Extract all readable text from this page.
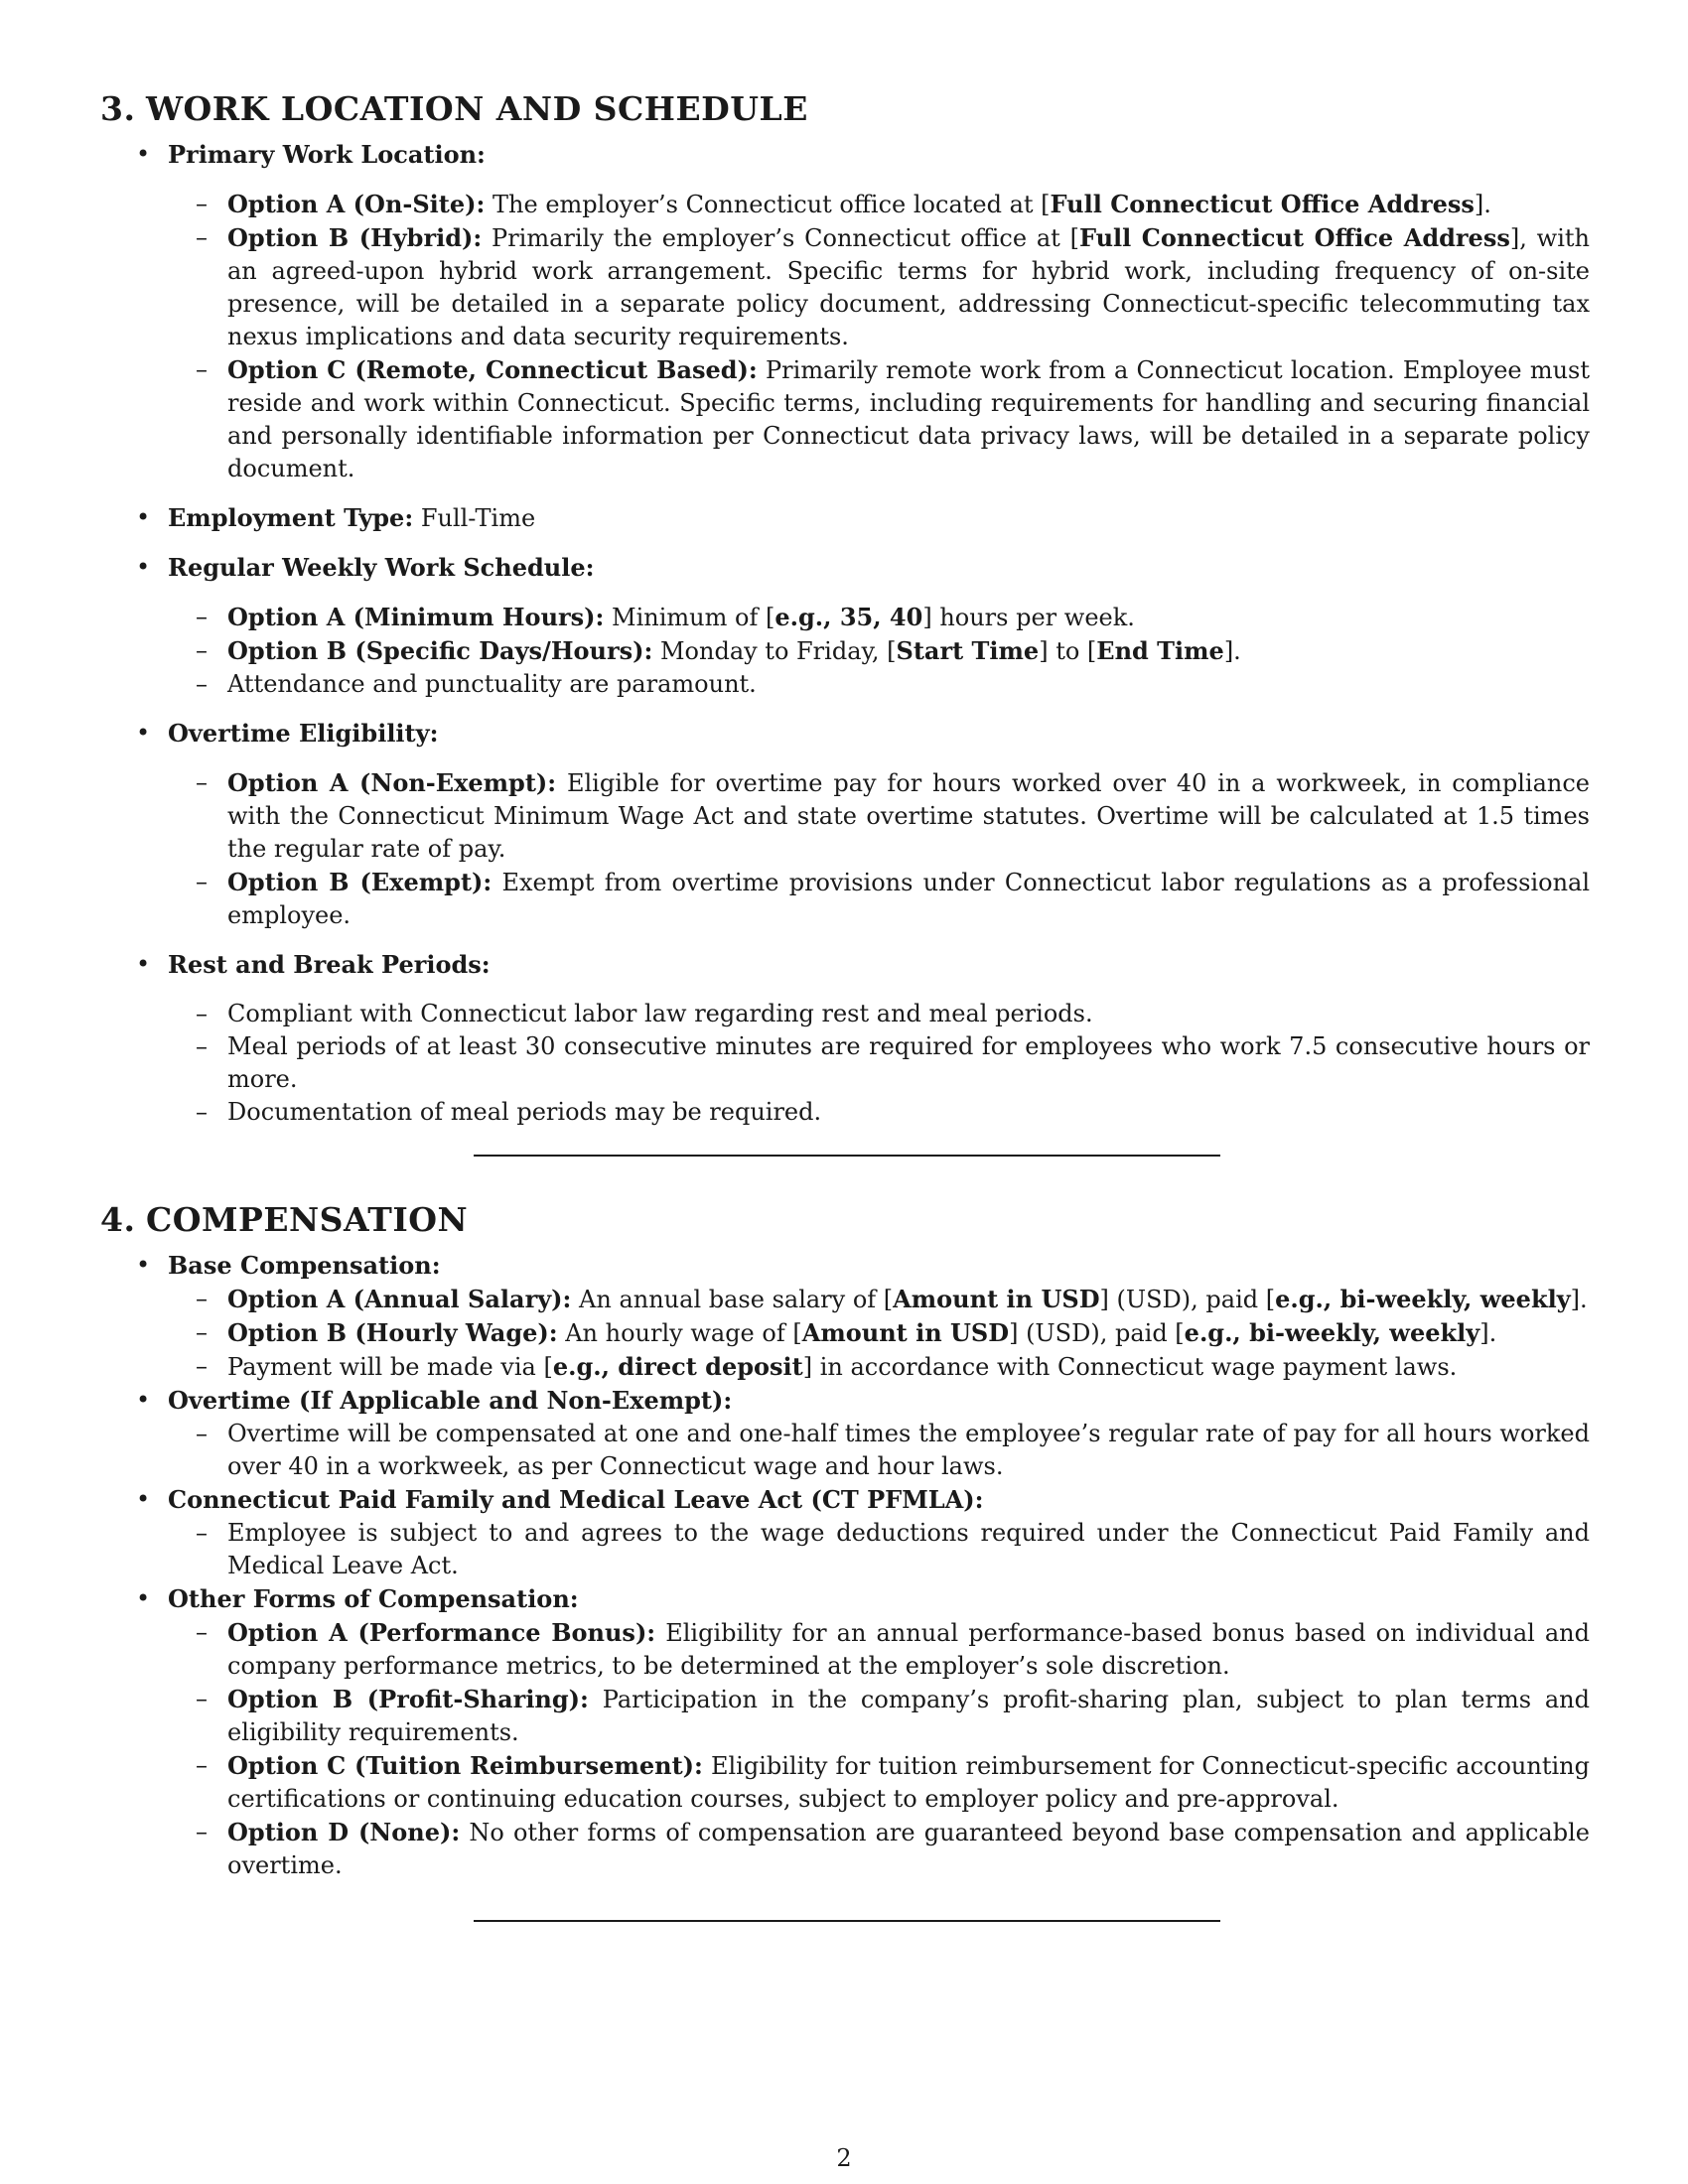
3. WORK LOCATION AND SCHEDULE
• Primary Work Location:
– Option A (On-Site): The employer’s Connecticut office located at [Full Connecticut Office Address].
– Option B (Hybrid): Primarily the employer’s Connecticut office at [Full Connecticut Office Address], with an agreed-upon hybrid work arrangement. Specific terms for hybrid work, including frequency of on-site presence, will be detailed in a separate policy document, addressing Connecticut-specific telecommuting tax nexus implications and data security requirements.
– Option C (Remote, Connecticut Based): Primarily remote work from a Connecticut location. Employee must reside and work within Connecticut. Specific terms, including requirements for handling and securing financial and personally identifiable information per Connecticut data privacy laws, will be detailed in a separate policy document.
• Employment Type: Full-Time
• Regular Weekly Work Schedule:
– Option A (Minimum Hours): Minimum of [e.g., 35, 40] hours per week.
– Option B (Specific Days/Hours): Monday to Friday, [Start Time] to [End Time].
– Attendance and punctuality are paramount.
• Overtime Eligibility:
– Option A (Non-Exempt): Eligible for overtime pay for hours worked over 40 in a workweek, in compliance with the Connecticut Minimum Wage Act and state overtime statutes. Overtime will be calculated at 1.5 times the regular rate of pay.
– Option B (Exempt): Exempt from overtime provisions under Connecticut labor regulations as a professional employee.
• Rest and Break Periods:
– Compliant with Connecticut labor law regarding rest and meal periods.
– Meal periods of at least 30 consecutive minutes are required for employees who work 7.5 consecutive hours or more.
– Documentation of meal periods may be required.
4. COMPENSATION
• Base Compensation:
– Option A (Annual Salary): An annual base salary of [Amount in USD] (USD), paid [e.g., bi-weekly, weekly].
– Option B (Hourly Wage): An hourly wage of [Amount in USD] (USD), paid [e.g., bi-weekly, weekly].
– Payment will be made via [e.g., direct deposit] in accordance with Connecticut wage payment laws.
• Overtime (If Applicable and Non-Exempt):
– Overtime will be compensated at one and one-half times the employee’s regular rate of pay for all hours worked over 40 in a workweek, as per Connecticut wage and hour laws.
• Connecticut Paid Family and Medical Leave Act (CT PFMLA):
– Employee is subject to and agrees to the wage deductions required under the Connecticut Paid Family and Medical Leave Act.
• Other Forms of Compensation:
– Option A (Performance Bonus): Eligibility for an annual performance-based bonus based on individual and company performance metrics, to be determined at the employer’s sole discretion.
– Option B (Profit-Sharing): Participation in the company’s profit-sharing plan, subject to plan terms and eligibility requirements.
– Option C (Tuition Reimbursement): Eligibility for tuition reimbursement for Connecticut-specific accounting certifications or continuing education courses, subject to employer policy and pre-approval.
– Option D (None): No other forms of compensation are guaranteed beyond base compensation and applicable overtime.
2
